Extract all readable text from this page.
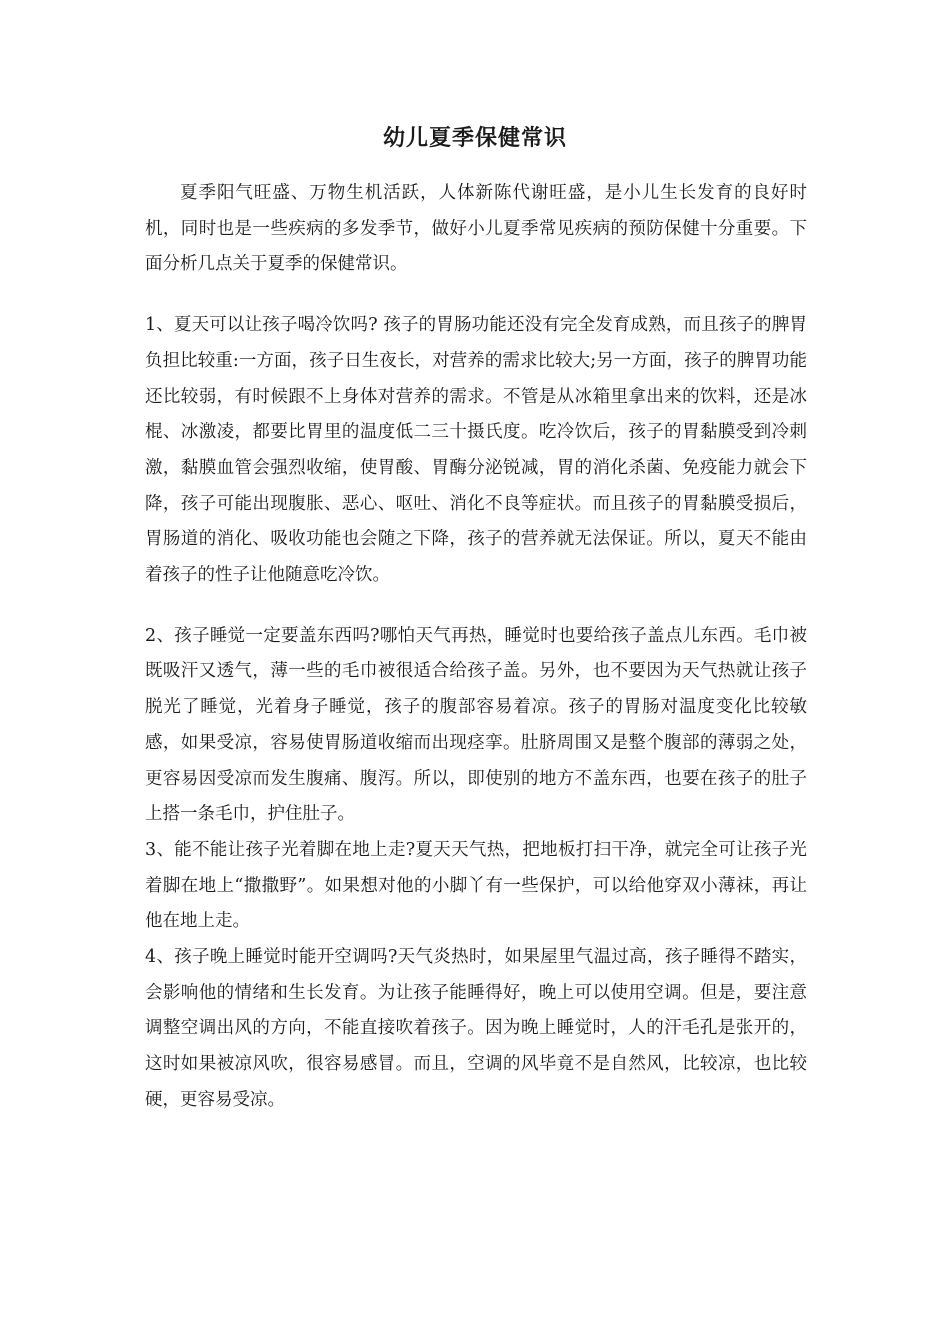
幼儿夏季保健常识

夏季阳气旺盛、万物生机活跃，人体新陈代谢旺盛，是小儿生长发育的良好时机，同时也是一些疾病的多发季节，做好小儿夏季常见疾病的预防保健十分重要。下面分析几点关于夏季的保健常识。

1、夏天可以让孩子喝冷饮吗? 孩子的胃肠功能还没有完全发育成熟，而且孩子的脾胃负担比较重:一方面，孩子日生夜长，对营养的需求比较大;另一方面，孩子的脾胃功能还比较弱，有时候跟不上身体对营养的需求。不管是从冰箱里拿出来的饮料，还是冰棍、冰激凌，都要比胃里的温度低二三十摄氏度。吃冷饮后，孩子的胃黏膜受到冷刺激，黏膜血管会强烈收缩，使胃酸、胃酶分泌锐减，胃的消化杀菌、免疫能力就会下降，孩子可能出现腹胀、恶心、呕吐、消化不良等症状。而且孩子的胃黏膜受损后，胃肠道的消化、吸收功能也会随之下降，孩子的营养就无法保证。所以，夏天不能由着孩子的性子让他随意吃冷饮。

2、孩子睡觉一定要盖东西吗?哪怕天气再热，睡觉时也要给孩子盖点儿东西。毛巾被既吸汗又透气，薄一些的毛巾被很适合给孩子盖。另外，也不要因为天气热就让孩子脱光了睡觉，光着身子睡觉，孩子的腹部容易着凉。孩子的胃肠对温度变化比较敏感，如果受凉，容易使胃肠道收缩而出现痉挛。肚脐周围又是整个腹部的薄弱之处，更容易因受凉而发生腹痛、腹泻。所以，即使别的地方不盖东西，也要在孩子的肚子上搭一条毛巾，护住肚子。

3、能不能让孩子光着脚在地上走?夏天天气热，把地板打扫干净，就完全可让孩子光着脚在地上“撒撒野”。如果想对他的小脚丫有一些保护，可以给他穿双小薄袜，再让他在地上走。

4、孩子晚上睡觉时能开空调吗?天气炎热时，如果屋里气温过高，孩子睡得不踏实，会影响他的情绪和生长发育。为让孩子能睡得好，晚上可以使用空调。但是，要注意调整空调出风的方向，不能直接吹着孩子。因为晚上睡觉时，人的汗毛孔是张开的，这时如果被凉风吹，很容易感冒。而且，空调的风毕竟不是自然风，比较凉，也比较硬，更容易受凉。
